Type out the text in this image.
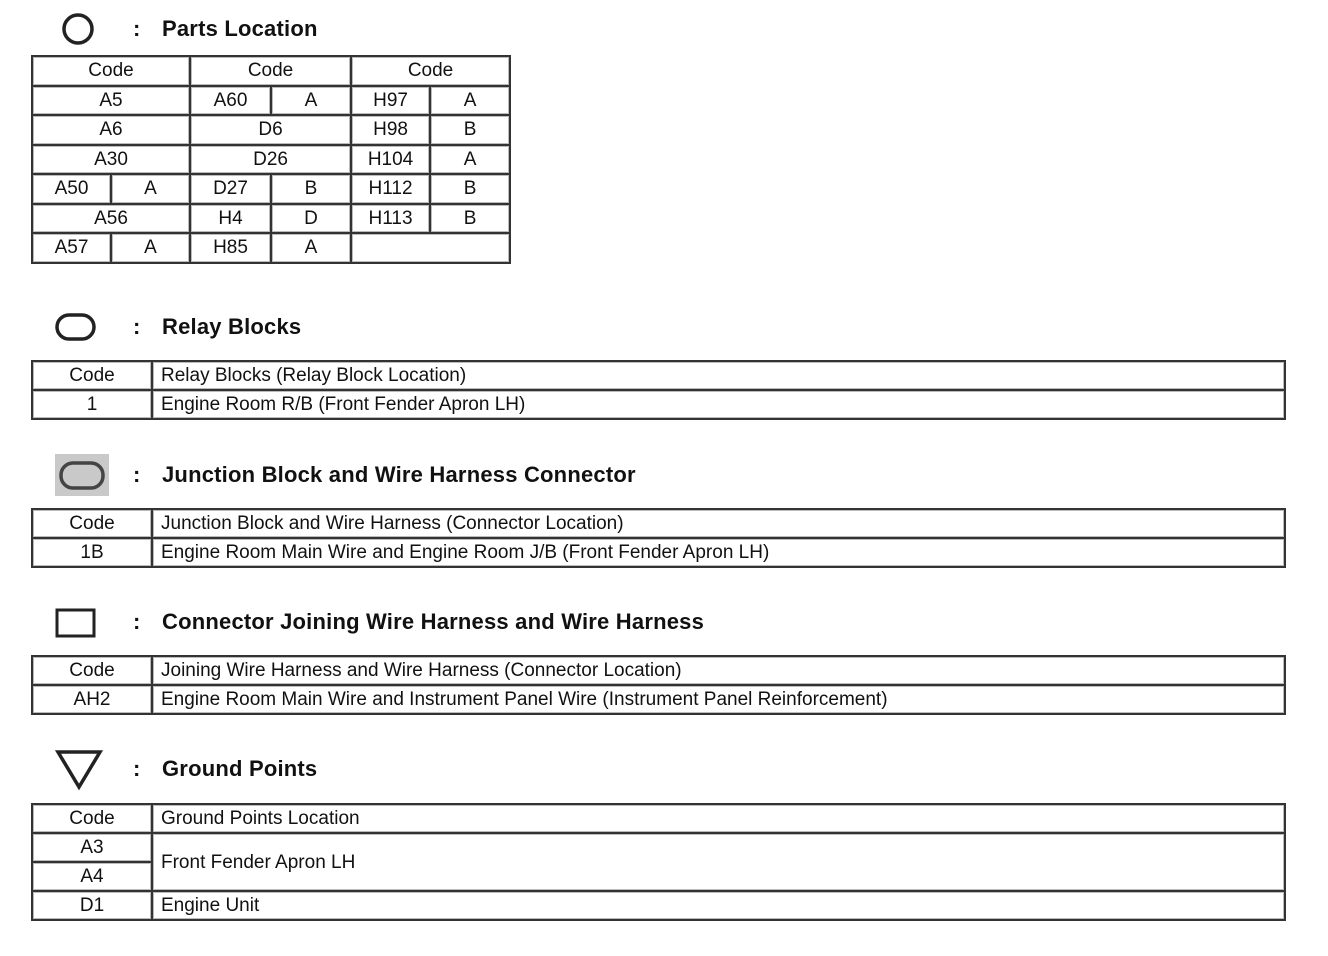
: Parts Location
Code		Code		Code	
A5		A60	A	H97	A
A6		D6		H98	B
A30		D26		H104	A
A50	A	D27	B	H112	B
A56		H4	D	H113	B
A57	A	H85	A		
: Relay Blocks
Code	Relay Blocks (Relay Block Location)
1	Engine Room R/B (Front Fender Apron LH)
: Junction Block and Wire Harness Connector
Code	Junction Block and Wire Harness (Connector Location)
1B	Engine Room Main Wire and Engine Room J/B (Front Fender Apron LH)
: Connector Joining Wire Harness and Wire Harness
Code	Joining Wire Harness and Wire Harness (Connector Location)
AH2	Engine Room Main Wire and Instrument Panel Wire (Instrument Panel Reinforcement)
: Ground Points
Code	Ground Points Location
A3	Front Fender Apron LH
A4	
D1	Engine Unit
